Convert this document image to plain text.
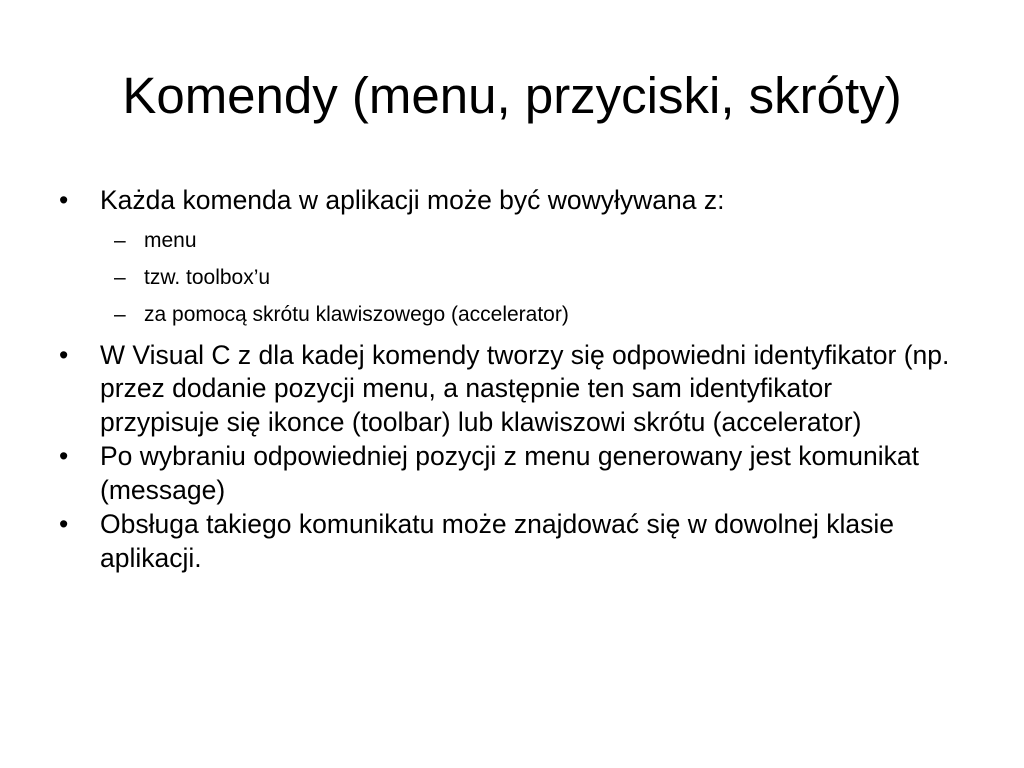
Komendy (menu, przyciski, skróty)
• Każda komenda w aplikacji może być wowyływana z:
– menu
– tzw. toolbox’u
– za pomocą skrótu klawiszowego (accelerator)
• W Visual C z dla kadej komendy tworzy się odpowiedni identyfikator (np. przez dodanie pozycji menu, a następnie ten sam identyfikator przypisuje się ikonce (toolbar) lub klawiszowi skrótu (accelerator)
• Po wybraniu odpowiedniej pozycji z menu generowany jest komunikat (message)
• Obsługa takiego komunikatu może znajdować się w dowolnej klasie aplikacji.
